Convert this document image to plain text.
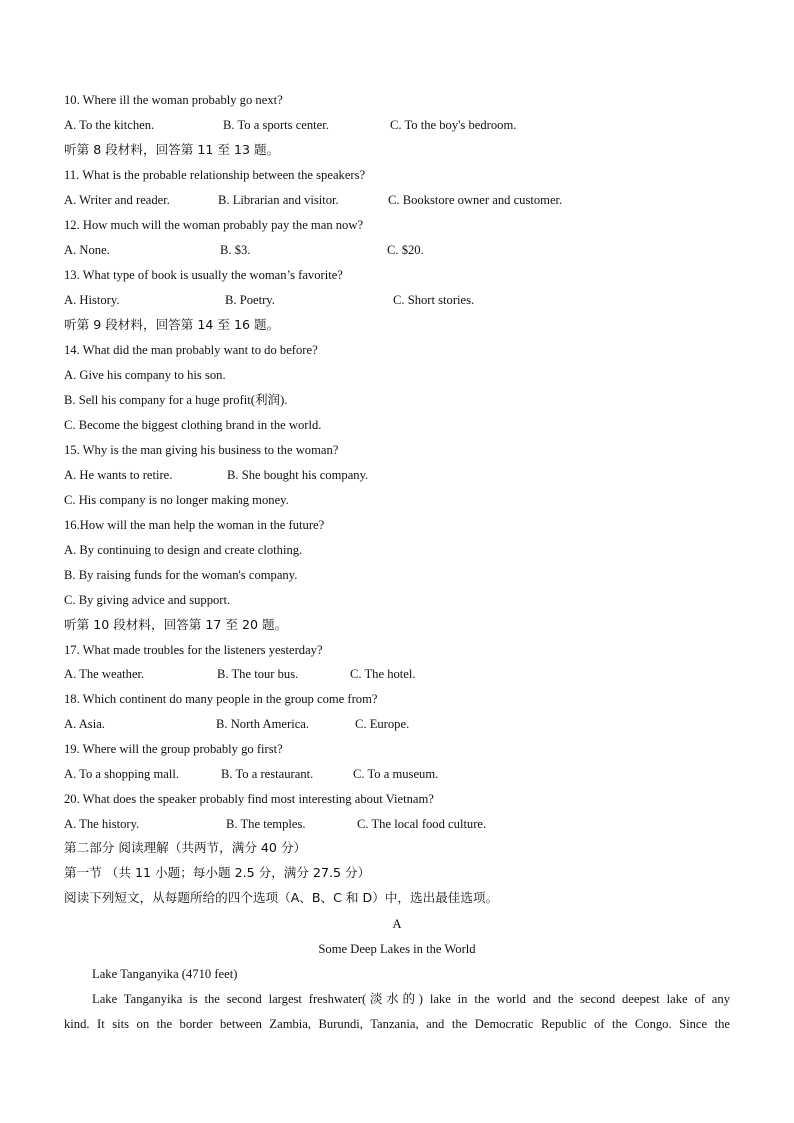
10. Where ill the woman probably go next?
A. To the kitchen.	B. To a sports center.	C. To the boy's bedroom.
听第 8 段材料，回答第 11 至 13 题。
11. What is the probable relationship between the speakers?
A. Writer and reader.	B. Librarian and visitor.	C. Bookstore owner and customer.
12. How much will the woman probably pay the man now?
A. None.	B. $3.	C. $20.
13. What type of book is usually the woman’s favorite?
A. History.	B. Poetry.	C. Short stories.
听第 9 段材料，回答第 14 至 16 题。
14. What did the man probably want to do before?
A. Give his company to his son.
B. Sell his company for a huge profit(利润).
C. Become the biggest clothing brand in the world.
15. Why is the man giving his business to the woman?
A. He wants to retire.	B. She bought his company.
C. His company is no longer making money.
16.How will the man help the woman in the future?
A. By continuing to design and create clothing.
B. By raising funds for the woman's company.
C. By giving advice and support.
听第 10 段材料，回答第 17 至 20 题。
17. What made troubles for the listeners yesterday?
A. The weather.	B. The tour bus.	C. The hotel.
18. Which continent do many people in the group come from?
A. Asia.	B. North America.	C. Europe.
19. Where will the group probably go first?
A. To a shopping mall.	B. To a restaurant.	C. To a museum.
20. What does the speaker probably find most interesting about Vietnam?
A. The history.	B. The temples.	C. The local food culture.
第二部分 阅读理解（共两节，满分 40 分）
第一节 （共 11 小题；每小题 2.5 分，满分 27.5 分）
阅读下列短文，从每题所给的四个选项（A、B、C 和 D）中，选出最佳选项。
A
Some Deep Lakes in the World
Lake Tanganyika (4710 feet)
Lake Tanganyika is the second largest freshwater(淡水的) lake in the world and the second deepest lake of any
kind. It sits on the border between Zambia, Burundi, Tanzania, and the Democratic Republic of the Congo. Since the
